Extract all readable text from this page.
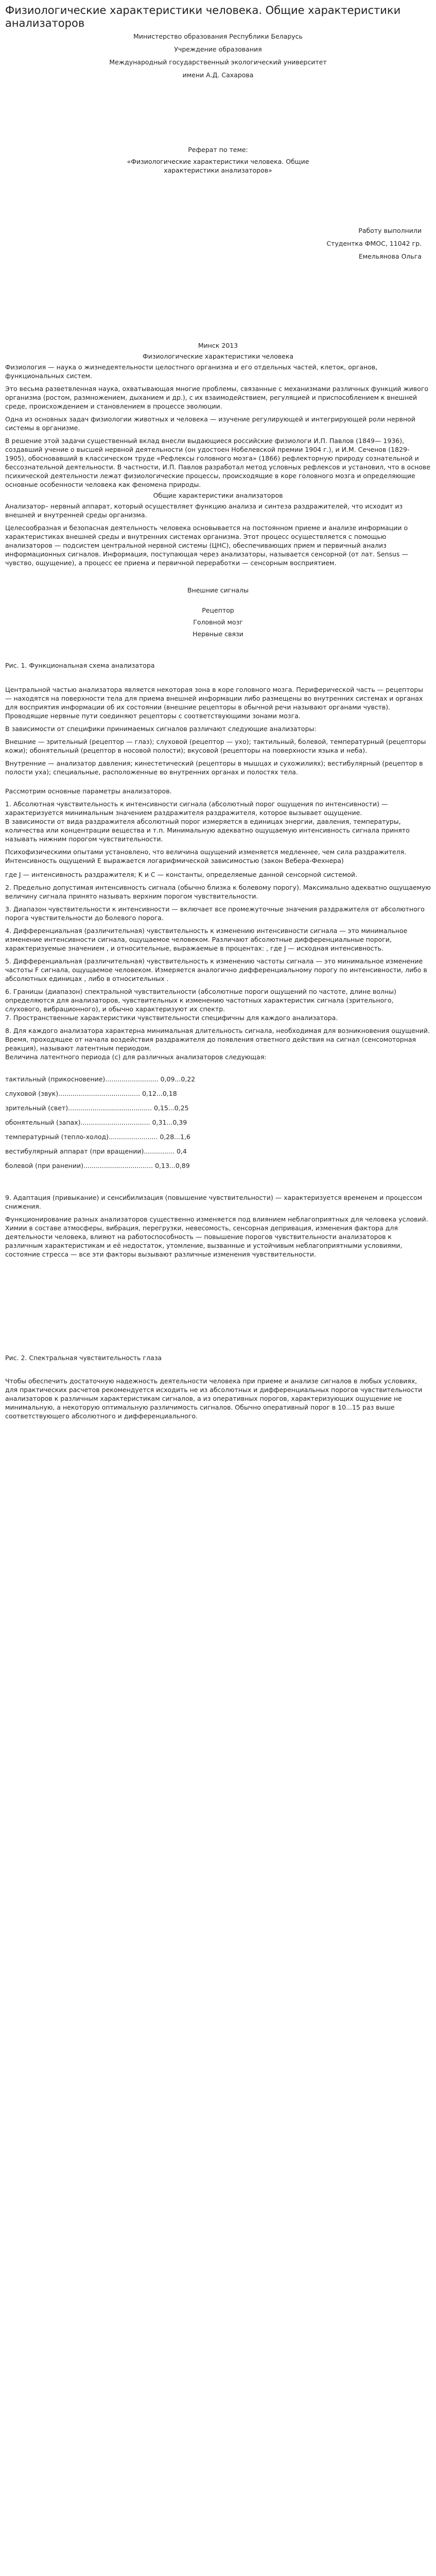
Физиологические характеристики человека. Общие характеристики анализаторов

Министерство образования Республики Беларусь

Учреждение образования

Международный государственный экологический университет

имени А.Д. Сахарова

Реферат по теме:

«Физиологические характеристики человека. Общие характеристики анализаторов»

Работу выполнили

Студентка ФМОС, 11042 гр.

Емельянова Ольга

Минск 2013

Физиологические характеристики человека

Физиология — наука о жизнедеятельности целостного организма и его отдельных частей, клеток, органов, функциональных систем.

Это весьма разветвленная наука, охватывающая многие проблемы, связанные с механизмами различных функций живого организма (ростом, размножением, дыханием и др.), с их взаимодействием, регуляцией и приспособлением к внешней среде, происхождением и становлением в процессе эволюции.

Одна из основных задач физиологии животных и человека — изучение регулирующей и интегрирующей роли нервной системы в организме.

В решение этой задачи существенный вклад внесли выдающиеся российские физиологи И.П. Павлов (1849— 1936), создавший учение о высшей нервной деятельности (он удостоен Нобелевской премии 1904 г.), и И.М. Сеченов (1829- 1905), обосновавший в классическом труде «Рефлексы головного мозга» (1866) рефлекторную природу сознательной и бессознательной деятельности. В частности, И.П. Павлов разработал метод условных рефлексов и установил, что в основе психической деятельности лежат физиологические процессы, происходящие в коре головного мозга и определяющие основные особенности человека как феномена природы.

Общие характеристики анализаторов

Анализатор– нервный аппарат, который осуществляет функцию анализа и синтеза раздражителей, что исходит из внешней и внутренней среды организма.

Целесообразная и безопасная деятельность человека основывается на постоянном приеме и анализе информации о характеристиках внешней среды и внутренних системах организма. Этот процесс осуществляется с помощью анализаторов — подсистем центральной нервной системы (ЦНС), обеспечивающих прием и первичный анализ информационных сигналов. Информация, поступающая через анализаторы, называется сенсорной (от лат. Sensus — чувство, ощущение), а процесс ее приема и первичной переработки — сенсорным восприятием.

Внешние сигналы

Рецептор

Головной мозг

Нервные связи

Рис. 1. Функциональная схема анализатора

Центральной частью анализатора является некоторая зона в коре головного мозга. Периферической часть — рецепторы — находятся на поверхности тела для приема внешней информации либо размещены во внутренних системах и органах для восприятия информации об их состоянии (внешние рецепторы в обычной речи называют органами чувств). Проводящие нервные пути соединяют рецепторы с соответствующими зонами мозга.

В зависимости от специфики принимаемых сигналов различают следующие анализаторы:

Внешние — зрительный (рецептор — глаз); слуховой (рецептор — ухо); тактильный, болевой, температурный (рецепторы кожи); обонятельный (рецептор в носовой полости); вкусовой (рецепторы на поверхности языка и неба).

Внутренние — анализатор давления; кинестетический (рецепторы в мышцах и сухожилиях); вестибулярный (рецептор в полости уха); специальные, расположенные во внутренних органах и полостях тела.

Рассмотрим основные параметры анализаторов.

1. Абсолютная чувствительность к интенсивности сигнала (абсолютный порог ощущения по интенсивности) — характеризуется минимальным значением раздражителя раздражителя, которое вызывает ощущение.

В зависимости от вида раздражителя абсолютный порог измеряется в единицах энергии, давления, температуры, количества или концентрации вещества и т.п. Минимальную адекватно ощущаемую интенсивность сигнала принято называть нижним порогом чувствительности.

Психофизическими опытами установлено, что величина ощущений изменяется медленнее, чем сила раздражителя. Интенсивность ощущений E выражается логарифмической зависимостью (закон Вебера-Фехнера)

где J — интенсивность раздражителя; K и C — константы, определяемые данной сенсорной системой.

2. Предельно допустимая интенсивность сигнала (обычно близка к болевому порогу). Максимально адекватно ощущаемую величину сигнала принято называть верхним порогом чувствительности.

3. Диапазон чувствительности к интенсивности — включает все промежуточные значения раздражителя от абсолютного порога чувствительности до болевого порога.

4. Дифференциальная (различительная) чувствительность к изменению интенсивности сигнала — это минимальное изменение интенсивности сигнала, ощущаемое человеком. Различают абсолютные дифференциальные пороги, характеризуемые значением , и относительные, выражаемые в процентах: , где J — исходная интенсивность.

5. Дифференциальная (различительная) чувствительность к изменению частоты сигнала — это минимальное изменение частоты F сигнала, ощущаемое человеком. Измеряется аналогично дифференциальному порогу по интенсивности, либо в абсолютных единицах , либо в относительных .

6. Границы (диапазон) спектральной чувствительности (абсолютные пороги ощущений по частоте, длине волны) определяются для анализаторов, чувствительных к изменению частотных характеристик сигнала (зрительного, слухового, вибрационного), и обычно характеризуют их спектр.

7. Пространственные характеристики чувствительности специфичны для каждого анализатора.

8. Для каждого анализатора характерна минимальная длительность сигнала, необходимая для возникновения ощущений. Время, проходящее от начала воздействия раздражителя до появления ответного действия на сигнал (сенсомоторная реакция), называют латентным периодом.

Величина латентного периода (с) для различных анализаторов следующая:

тактильный (прикосновение).......................... 0,09...0,22

слуховой (звук)........................................ 0,12...0,18

зрительный (свет)......................................... 0,15...0,25

обонятельный (запах).................................. 0,31...0,39

температурный (тепло-холод)........................ 0,28...1,6

вестибулярный аппарат (при вращении)............... 0,4

болевой (при ранении).................................. 0,13...0,89

9. Адаптация (привыкание) и сенсибилизация (повышение чувствительности) — характеризуется временем и процессом снижения.

Функционирование разных анализаторов существенно изменяется под влиянием неблагоприятных для человека условий. Химии в составе атмосферы, вибрация, перегрузки, невесомость, сенсорная депривация, изменения фактора для деятельности человека, влияют на работоспособность — повышение порогов чувствительности анализаторов к различным характеристикам и её недостаток, утомление, вызванные и устойчивым неблагоприятными условиями, состояние стресса — все эти факторы вызывают различные изменения чувствительности.

Рис. 2. Спектральная чувствительность глаза

Чтобы обеспечить достаточную надежность деятельности человека при приеме и анализе сигналов в любых условиях, для практических расчетов рекомендуется исходить не из абсолютных и дифференциальных порогов чувствительности анализаторов к различным характеристикам сигналов, а из оперативных порогов, характеризующих ощущение не минимальную, а некоторую оптимальную различимость сигналов. Обычно оперативный порог в 10...15 раз выше соответствующего абсолютного и дифференциального.
